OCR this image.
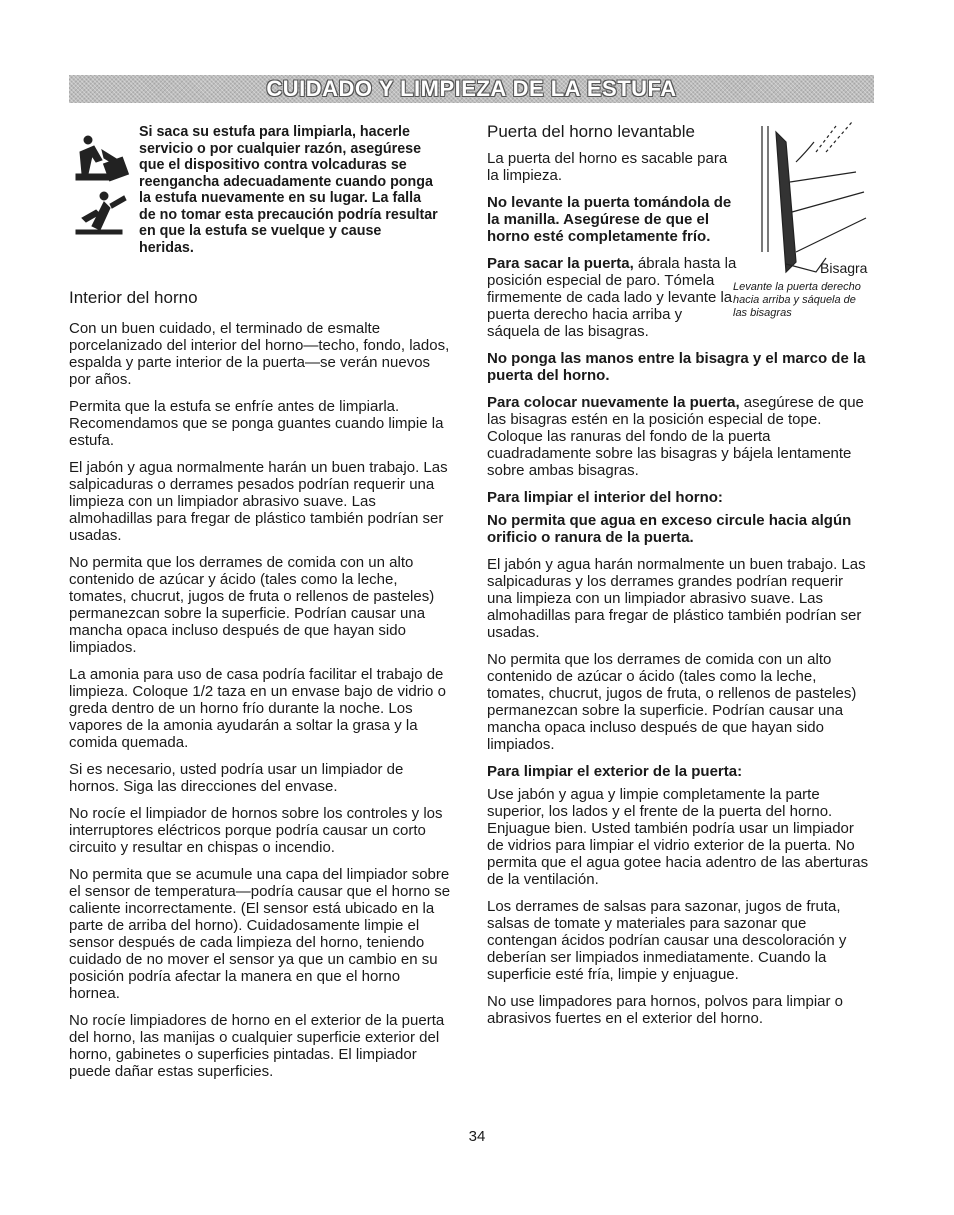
CUIDADO Y LIMPIEZA DE LA ESTUFA
Si saca su estufa para limpiarla, hacerle servicio o por cualquier razón, asegúrese que el dispositivo contra volcaduras se reengancha adecuadamente cuando ponga la estufa nuevamente en su lugar. La falla de no tomar esta precaución podría resultar en que la estufa se vuelque y cause heridas.
Interior del horno

Con un buen cuidado, el terminado de esmalte porcelanizado del interior del horno—techo, fondo, lados, espalda y parte interior de la puerta—se verán nuevos por años.

Permita que la estufa se enfríe antes de limpiarla. Recomendamos que se ponga guantes cuando limpie la estufa.

El jabón y agua normalmente harán un buen trabajo. Las salpicaduras o derrames pesados podrían requerir una limpieza con un limpiador abrasivo suave. Las almohadillas para fregar de plástico también podrían ser usadas.

No permita que los derrames de comida con un alto contenido de azúcar y ácido (tales como la leche, tomates, chucrut, jugos de fruta o rellenos de pasteles) permanezcan sobre la superficie. Podrían causar una mancha opaca incluso después de que hayan sido limpiados.

La amonia para uso de casa podría facilitar el trabajo de limpieza. Coloque 1/2 taza en un envase bajo de vidrio o greda dentro de un horno frío durante la noche. Los vapores de la amonia ayudarán a soltar la grasa y la comida quemada.

Si es necesario, usted podría usar un limpiador de hornos. Siga las direcciones del envase.

No rocíe el limpiador de hornos sobre los controles y los interruptores eléctricos porque podría causar un corto circuito y resultar en chispas o incendio.

No permita que se acumule una capa del limpiador sobre el sensor de temperatura—podría causar que el horno se caliente incorrectamente. (El sensor está ubicado en la parte de arriba del horno). Cuidadosamente limpie el sensor después de cada limpieza del horno, teniendo cuidado de no mover el sensor ya que un cambio en su posición podría afectar la manera en que el horno hornea.

No rocíe limpiadores de horno en el exterior de la puerta del horno, las manijas o cualquier superficie exterior del horno, gabinetes o superficies pintadas. El limpiador puede dañar estas superficies.

Puerta del horno levantable
Bisagra
Levante la puerta derecho hacia arriba y sáquela de las bisagras

La puerta del horno es sacable para la limpieza.

No levante la puerta tomándola de la manilla. Asegúrese de que el horno esté completamente frío.

Para sacar la puerta, ábrala hasta la posición especial de paro. Tómela firmemente de cada lado y levante la puerta derecho hacia arriba y sáquela de las bisagras.

No ponga las manos entre la bisagra y el marco de la puerta del horno.

Para colocar nuevamente la puerta, asegúrese de que las bisagras estén en la posición especial de tope. Coloque las ranuras del fondo de la puerta cuadradamente sobre las bisagras y bájela lentamente sobre ambas bisagras.

Para limpiar el interior del horno:

No permita que agua en exceso circule hacia algún orificio o ranura de la puerta.

El jabón y agua harán normalmente un buen trabajo. Las salpicaduras y los derrames grandes podrían requerir una limpieza con un limpiador abrasivo suave. Las almohadillas para fregar de plástico también podrían ser usadas.

No permita que los derrames de comida con un alto contenido de azúcar o ácido (tales como la leche, tomates, chucrut, jugos de fruta, o rellenos de pasteles) permanezcan sobre la superficie. Podrían causar una mancha opaca incluso después de que hayan sido limpiados.

Para limpiar el exterior de la puerta:

Use jabón y agua y limpie completamente la parte superior, los lados y el frente de la puerta del horno. Enjuague bien. Usted también podría usar un limpiador de vidrios para limpiar el vidrio exterior de la puerta. No permita que el agua gotee hacia adentro de las aberturas de la ventilación.

Los derrames de salsas para sazonar, jugos de fruta, salsas de tomate y materiales para sazonar que contengan ácidos podrían causar una descoloración y deberían ser limpiados inmediatamente. Cuando la superficie esté fría, limpie y enjuague.

No use limpadores para hornos, polvos para limpiar o abrasivos fuertes en el exterior del horno.

34
